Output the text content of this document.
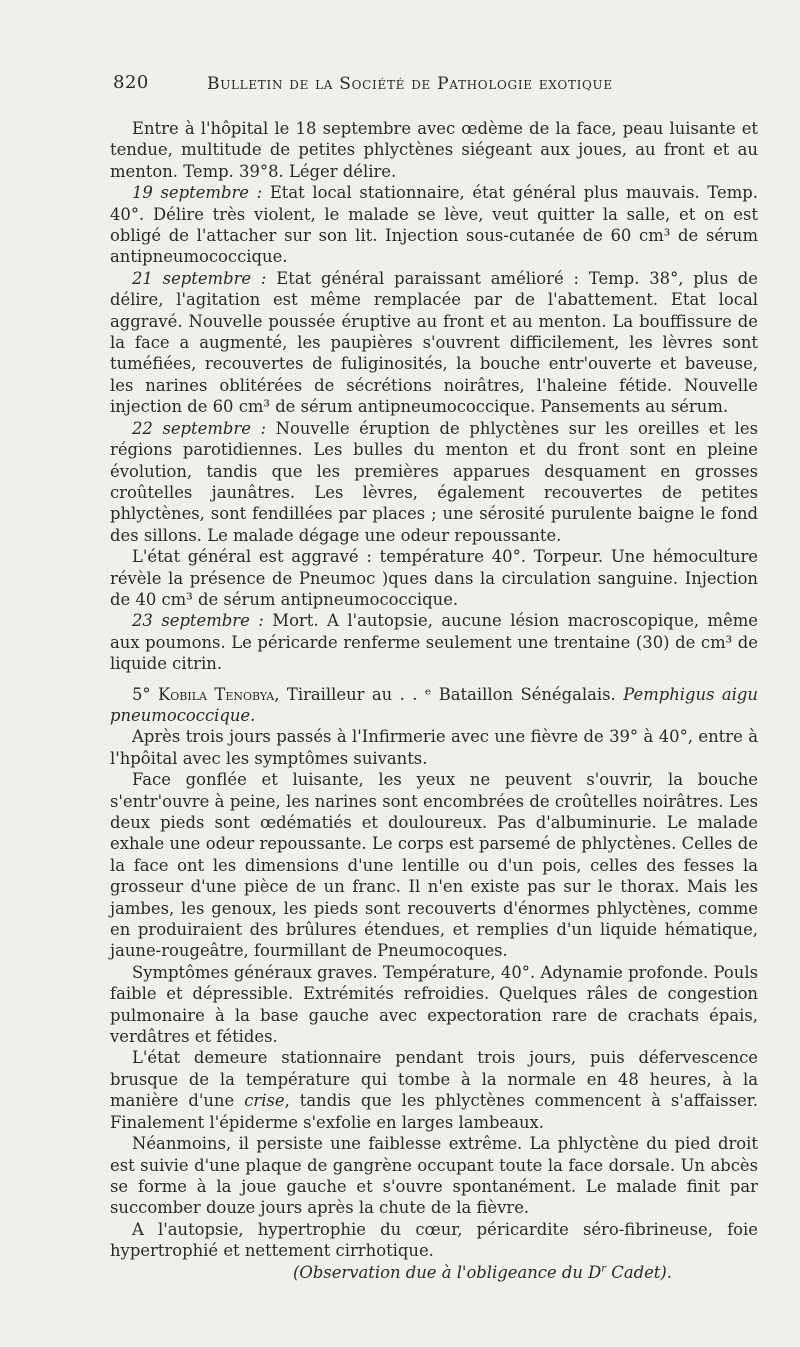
820	Bulletin de la Société de Pathologie exotique

Entre à l'hôpital le 18 septembre avec œdème de la face, peau luisante et tendue, multitude de petites phlyctènes siégeant aux joues, au front et au menton. Temp. 39°8. Léger délire.

19 septembre : Etat local stationnaire, état général plus mauvais. Temp. 40°. Délire très violent, le malade se lève, veut quitter la salle, et on est obligé de l'attacher sur son lit. Injection sous-cutanée de 60 cm³ de sérum antipneumococcique.

21 septembre : Etat général paraissant amélioré : Temp. 38°, plus de délire, l'agitation est même remplacée par de l'abattement. Etat local aggravé. Nouvelle poussée éruptive au front et au menton. La bouffissure de la face a augmenté, les paupières s'ouvrent difficilement, les lèvres sont tuméfiées, recouvertes de fuliginosités, la bouche entr'ouverte et baveuse, les narines oblitérées de sécrétions noirâtres, l'haleine fétide. Nouvelle injection de 60 cm³ de sérum antipneumococcique. Pansements au sérum.

22 septembre : Nouvelle éruption de phlyctènes sur les oreilles et les régions parotidiennes. Les bulles du menton et du front sont en pleine évolution, tandis que les premières apparues desquament en grosses croûtelles jaunâtres. Les lèvres, également recouvertes de petites phlyctènes, sont fendillées par places ; une sérosité purulente baigne le fond des sillons. Le malade dégage une odeur repoussante.

L'état général est aggravé : température 40°. Torpeur. Une hémoculture révèle la présence de Pneumoc )ques dans la circulation sanguine. Injection de 40 cm³ de sérum antipneumococcique.

23 septembre : Mort. A l'autopsie, aucune lésion macroscopique, même aux poumons. Le péricarde renferme seulement une trentaine (30) de cm³ de liquide citrin.

5° Kobila Tenobya, Tirailleur au . . ᵉ Bataillon Sénégalais. Pemphigus aigu pneumococcique.

Après trois jours passés à l'Infirmerie avec une fièvre de 39° à 40°, entre à l'hpôital avec les symptômes suivants.

Face gonflée et luisante, les yeux ne peuvent s'ouvrir, la bouche s'entr'ouvre à peine, les narines sont encombrées de croûtelles noirâtres. Les deux pieds sont œdématiés et douloureux. Pas d'albuminurie. Le malade exhale une odeur repoussante. Le corps est parsemé de phlyctènes. Celles de la face ont les dimensions d'une lentille ou d'un pois, celles des fesses la grosseur d'une pièce de un franc. Il n'en existe pas sur le thorax. Mais les jambes, les genoux, les pieds sont recouverts d'énormes phlyctènes, comme en produiraient des brûlures étendues, et remplies d'un liquide hématique, jaune-rougeâtre, fourmillant de Pneumocoques.

Symptômes généraux graves. Température, 40°. Adynamie profonde. Pouls faible et dépressible. Extrémités refroidies. Quelques râles de congestion pulmonaire à la base gauche avec expectoration rare de crachats épais, verdâtres et fétides.

L'état demeure stationnaire pendant trois jours, puis défervescence brusque de la température qui tombe à la normale en 48 heures, à la manière d'une crise, tandis que les phlyctènes commencent à s'affaisser. Finalement l'épiderme s'exfolie en larges lambeaux.

Néanmoins, il persiste une faiblesse extrême. La phlyctène du pied droit est suivie d'une plaque de gangrène occupant toute la face dorsale. Un abcès se forme à la joue gauche et s'ouvre spontanément. Le malade finit par succomber douze jours après la chute de la fièvre.

A l'autopsie, hypertrophie du cœur, péricardite séro-fibrineuse, foie hypertrophié et nettement cirrhotique.

(Observation due à l'obligeance du $D^r$ Cadet).
